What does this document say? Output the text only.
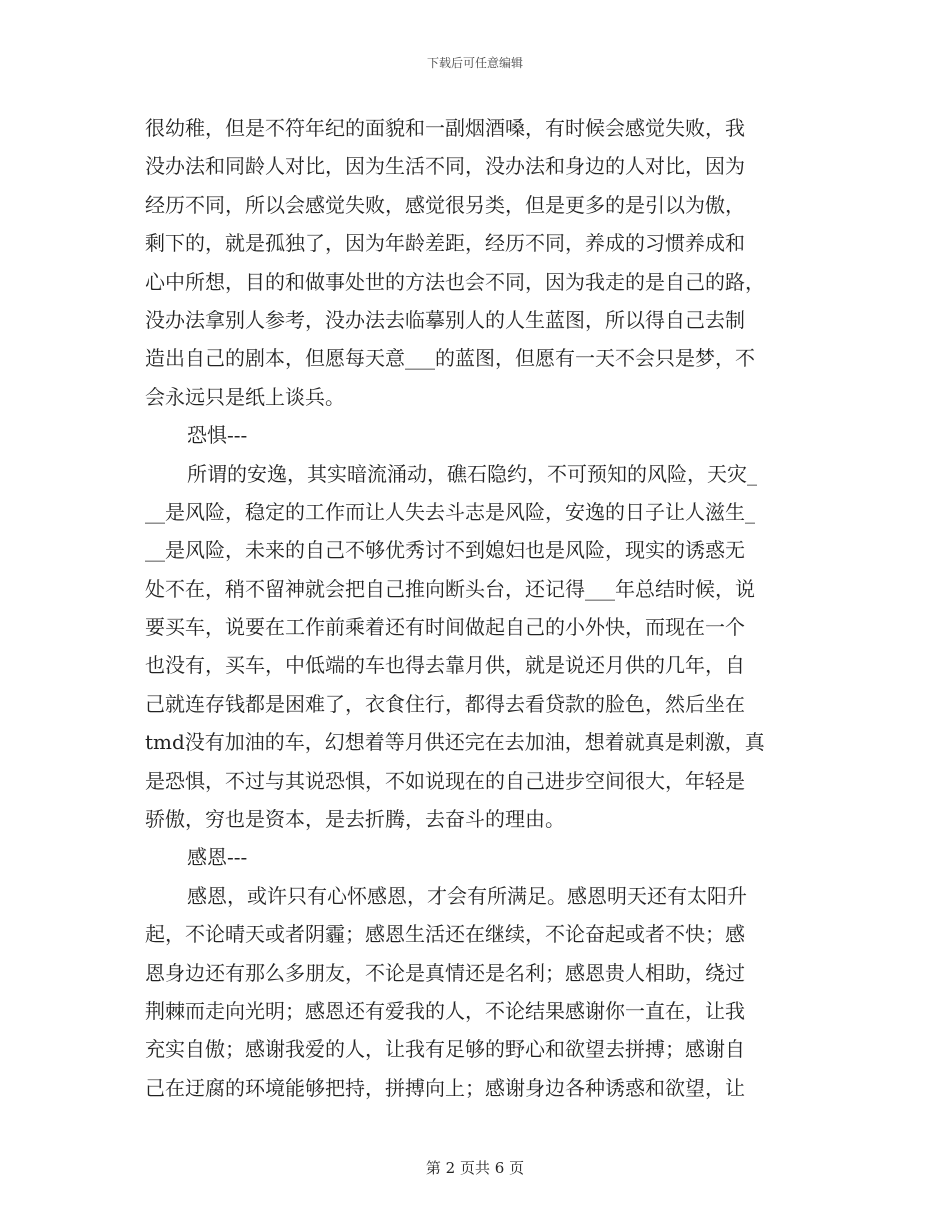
下载后可任意编辑
很幼稚，但是不符年纪的面貌和一副烟酒嗓，有时候会感觉失败，我
没办法和同龄人对比，因为生活不同，没办法和身边的人对比，因为
经历不同，所以会感觉失败，感觉很另类，但是更多的是引以为傲，
剩下的，就是孤独了，因为年龄差距，经历不同，养成的习惯养成和
心中所想，目的和做事处世的方法也会不同，因为我走的是自己的路，
没办法拿别人参考，没办法去临摹别人的人生蓝图，所以得自己去制
造出自己的剧本，但愿每天意___的蓝图，但愿有一天不会只是梦，不
会永远只是纸上谈兵。
恐惧---
所谓的安逸，其实暗流涌动，礁石隐约，不可预知的风险，天灾_
__是风险，稳定的工作而让人失去斗志是风险，安逸的日子让人滋生_
__是风险，未来的自己不够优秀讨不到媳妇也是风险，现实的诱惑无
处不在，稍不留神就会把自己推向断头台，还记得___年总结时候，说
要买车，说要在工作前乘着还有时间做起自己的小外快，而现在一个
也没有，买车，中低端的车也得去靠月供，就是说还月供的几年，自
己就连存钱都是困难了，衣食住行，都得去看贷款的脸色，然后坐在
tmd没有加油的车，幻想着等月供还完在去加油，想着就真是刺激，真
是恐惧，不过与其说恐惧，不如说现在的自己进步空间很大，年轻是
骄傲，穷也是资本，是去折腾，去奋斗的理由。
感恩---
感恩，或许只有心怀感恩，才会有所满足。感恩明天还有太阳升
起，不论晴天或者阴霾；感恩生活还在继续，不论奋起或者不快；感
恩身边还有那么多朋友，不论是真情还是名利；感恩贵人相助，绕过
荆棘而走向光明；感恩还有爱我的人，不论结果感谢你一直在，让我
充实自傲；感谢我爱的人，让我有足够的野心和欲望去拼搏；感谢自
己在迂腐的环境能够把持，拼搏向上；感谢身边各种诱惑和欲望，让
第 2 页共 6 页
